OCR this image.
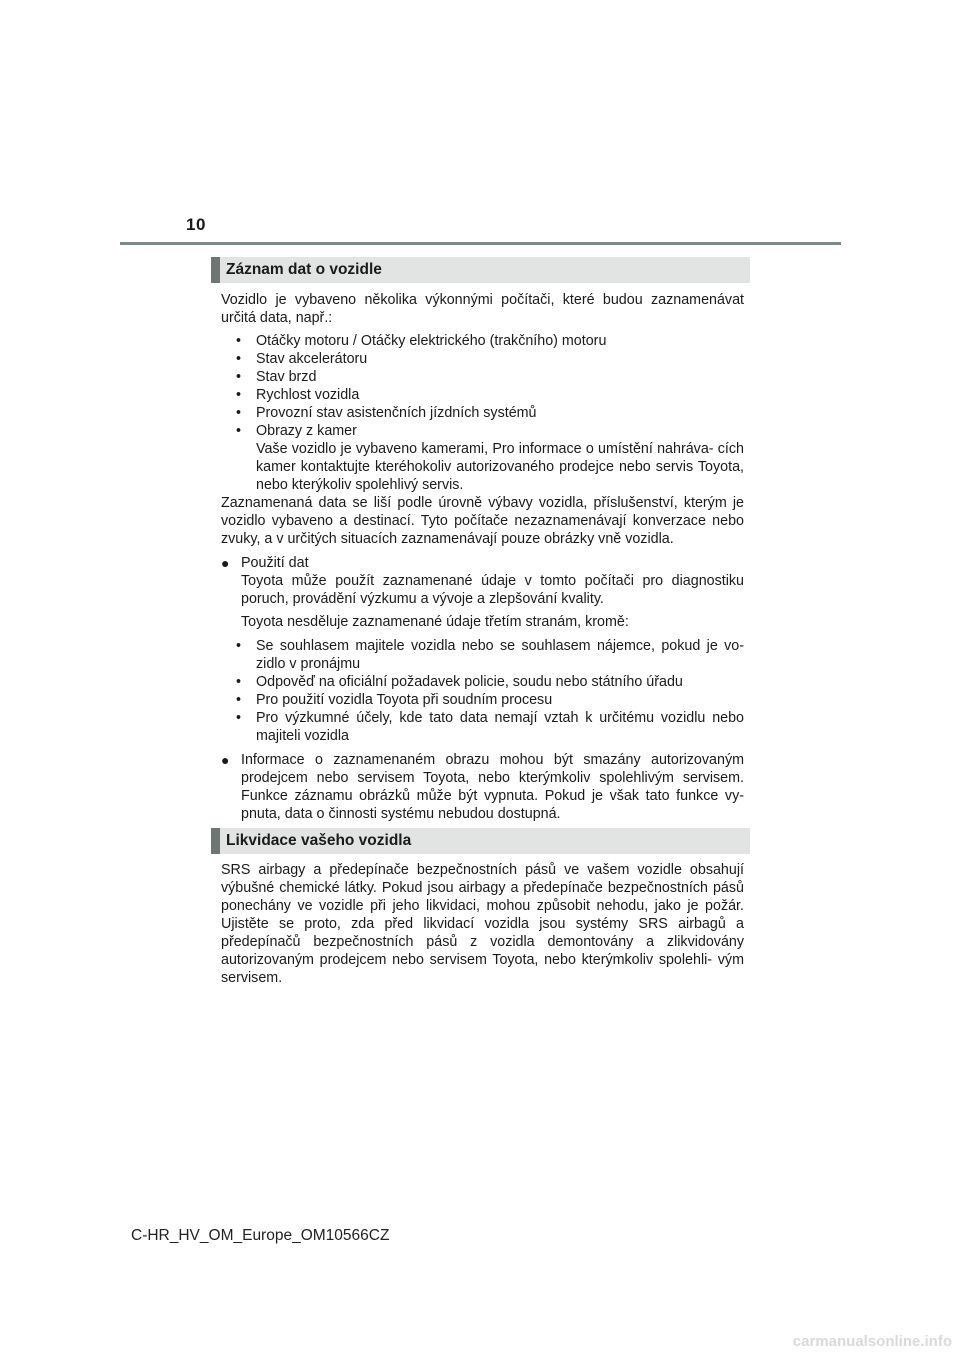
10
Záznam dat o vozidle

Vozidlo je vybaveno několika výkonnými počítači, které budou zaznamenávat určitá data, např.:

• Otáčky motoru / Otáčky elektrického (trakčního) motoru
• Stav akcelerátoru
• Stav brzd
• Rychlost vozidla
• Provozní stav asistenčních jízdních systémů
• Obrazy z kamer
Vaše vozidlo je vybaveno kamerami, Pro informace o umístění nahráva- cích kamer kontaktujte kteréhokoliv autorizovaného prodejce nebo servis Toyota, nebo kterýkoliv spolehlivý servis.

Zaznamenaná data se liší podle úrovně výbavy vozidla, příslušenství, kterým je vozidlo vybaveno a destinací. Tyto počítače nezaznamenávají konverzace nebo zvuky, a v určitých situacích zaznamenávají pouze obrázky vně vozidla.

● Použití dat
Toyota může použít zaznamenané údaje v tomto počítači pro diagnostiku poruch, provádění výzkumu a vývoje a zlepšování kvality.
Toyota nesděluje zaznamenané údaje třetím stranám, kromě:
• Se souhlasem majitele vozidla nebo se souhlasem nájemce, pokud je vo- zidlo v pronájmu
• Odpověď na oficiální požadavek policie, soudu nebo státního úřadu
• Pro použití vozidla Toyota při soudním procesu
• Pro výzkumné účely, kde tato data nemají vztah k určitému vozidlu nebo majiteli vozidla
● Informace o zaznamenaném obrazu mohou být smazány autorizovaným prodejcem nebo servisem Toyota, nebo kterýmkoliv spolehlivým servisem. Funkce záznamu obrázků může být vypnuta. Pokud je však tato funkce vy- pnuta, data o činnosti systému nebudou dostupná.
Likvidace vašeho vozidla

SRS airbagy a předepínače bezpečnostních pásů ve vašem vozidle obsahují výbušné chemické látky. Pokud jsou airbagy a předepínače bezpečnostních pásů ponechány ve vozidle při jeho likvidaci, mohou způsobit nehodu, jako je požár. Ujistěte se proto, zda před likvidací vozidla jsou systémy SRS airbagů a předepínačů bezpečnostních pásů z vozidla demontovány a zlikvidovány autorizovaným prodejcem nebo servisem Toyota, nebo kterýmkoliv spolehli- vým servisem.

C-HR_HV_OM_Europe_OM10566CZ
carmanualsonline.info
